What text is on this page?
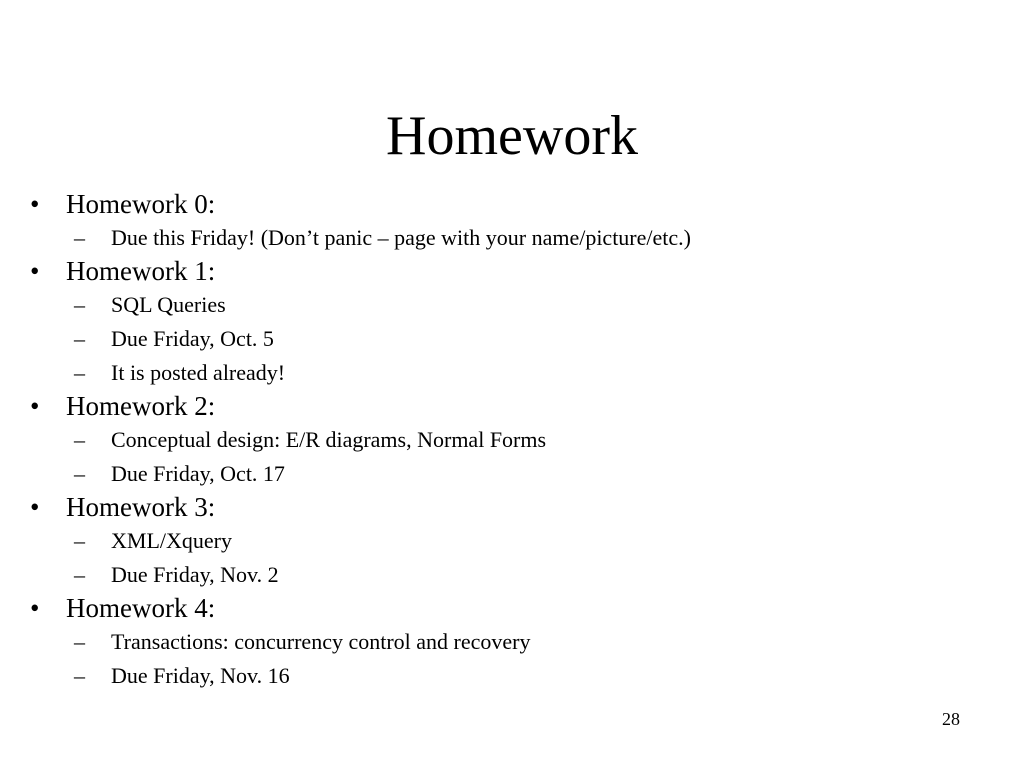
Homework
• Homework 0:
– Due this Friday! (Don’t panic – page with your name/picture/etc.)
• Homework 1:
– SQL Queries
– Due Friday, Oct. 5
– It is posted already!
• Homework 2:
– Conceptual design: E/R diagrams, Normal Forms
– Due Friday, Oct. 17
• Homework 3:
– XML/Xquery
– Due Friday, Nov. 2
• Homework 4:
– Transactions: concurrency control and recovery
– Due Friday, Nov. 16
28
